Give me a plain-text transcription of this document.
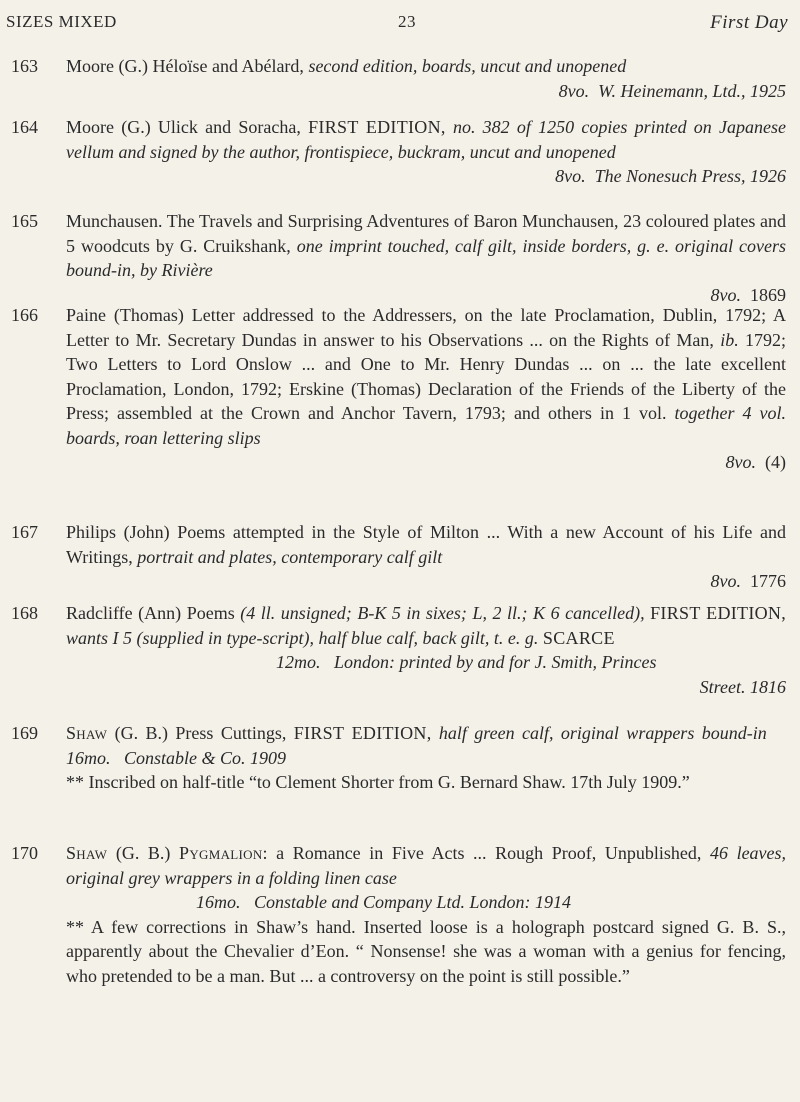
SIZES MIXED	23	First Day
163 Moore (G.) Héloïse and Abélard, second edition, boards, uncut and unopened
8vo. W. Heinemann, Ltd., 1925
164 Moore (G.) Ulick and Soracha, FIRST EDITION, no. 382 of 1250 copies printed on Japanese vellum and signed by the author, frontispiece, buckram, uncut and unopened
8vo. The Nonesuch Press, 1926
165 Munchausen. The Travels and Surprising Adventures of Baron Munchausen, 23 coloured plates and 5 woodcuts by G. Cruikshank, one imprint touched, calf gilt, inside borders, g. e. original covers bound-in, by Rivière
8vo. 1869
166 Paine (Thomas) Letter addressed to the Addressers, on the late Proclamation, Dublin, 1792; A Letter to Mr. Secretary Dundas in answer to his Observations ... on the Rights of Man, ib. 1792; Two Letters to Lord Onslow ... and One to Mr. Henry Dundas ... on ... the late excellent Proclamation, London, 1792; Erskine (Thomas) Declaration of the Friends of the Liberty of the Press; assembled at the Crown and Anchor Tavern, 1793; and others in 1 vol. together 4 vol. boards, roan lettering slips
8vo. (4)
167 Philips (John) Poems attempted in the Style of Milton ... With a new Account of his Life and Writings, portrait and plates, contemporary calf gilt
8vo. 1776
168 Radcliffe (Ann) Poems (4 ll. unsigned; B-K 5 in sixes; L, 2 ll.; K 6 cancelled), FIRST EDITION, wants I 5 (supplied in type-script), half blue calf, back gilt, t. e. g. SCARCE
12mo. London: printed by and for J. Smith, Princes
Street. 1816
169 Shaw (G. B.) Press Cuttings, FIRST EDITION, half green calf, original wrappers bound-in    16mo. Constable & Co. 1909
** Inscribed on half-title “to Clement Shorter from G. Bernard Shaw. 17th July 1909.”
170 Shaw (G. B.) Pygmalion: a Romance in Five Acts ... Rough Proof, Unpublished, 46 leaves, original grey wrappers in a folding linen case
16mo. Constable and Company Ltd. London: 1914
** A few corrections in Shaw’s hand. Inserted loose is a holograph postcard signed G. B. S., apparently about the Chevalier d’Eon. “ Nonsense! she was a woman with a genius for fencing, who pretended to be a man. But ... a controversy on the point is still possible.”
